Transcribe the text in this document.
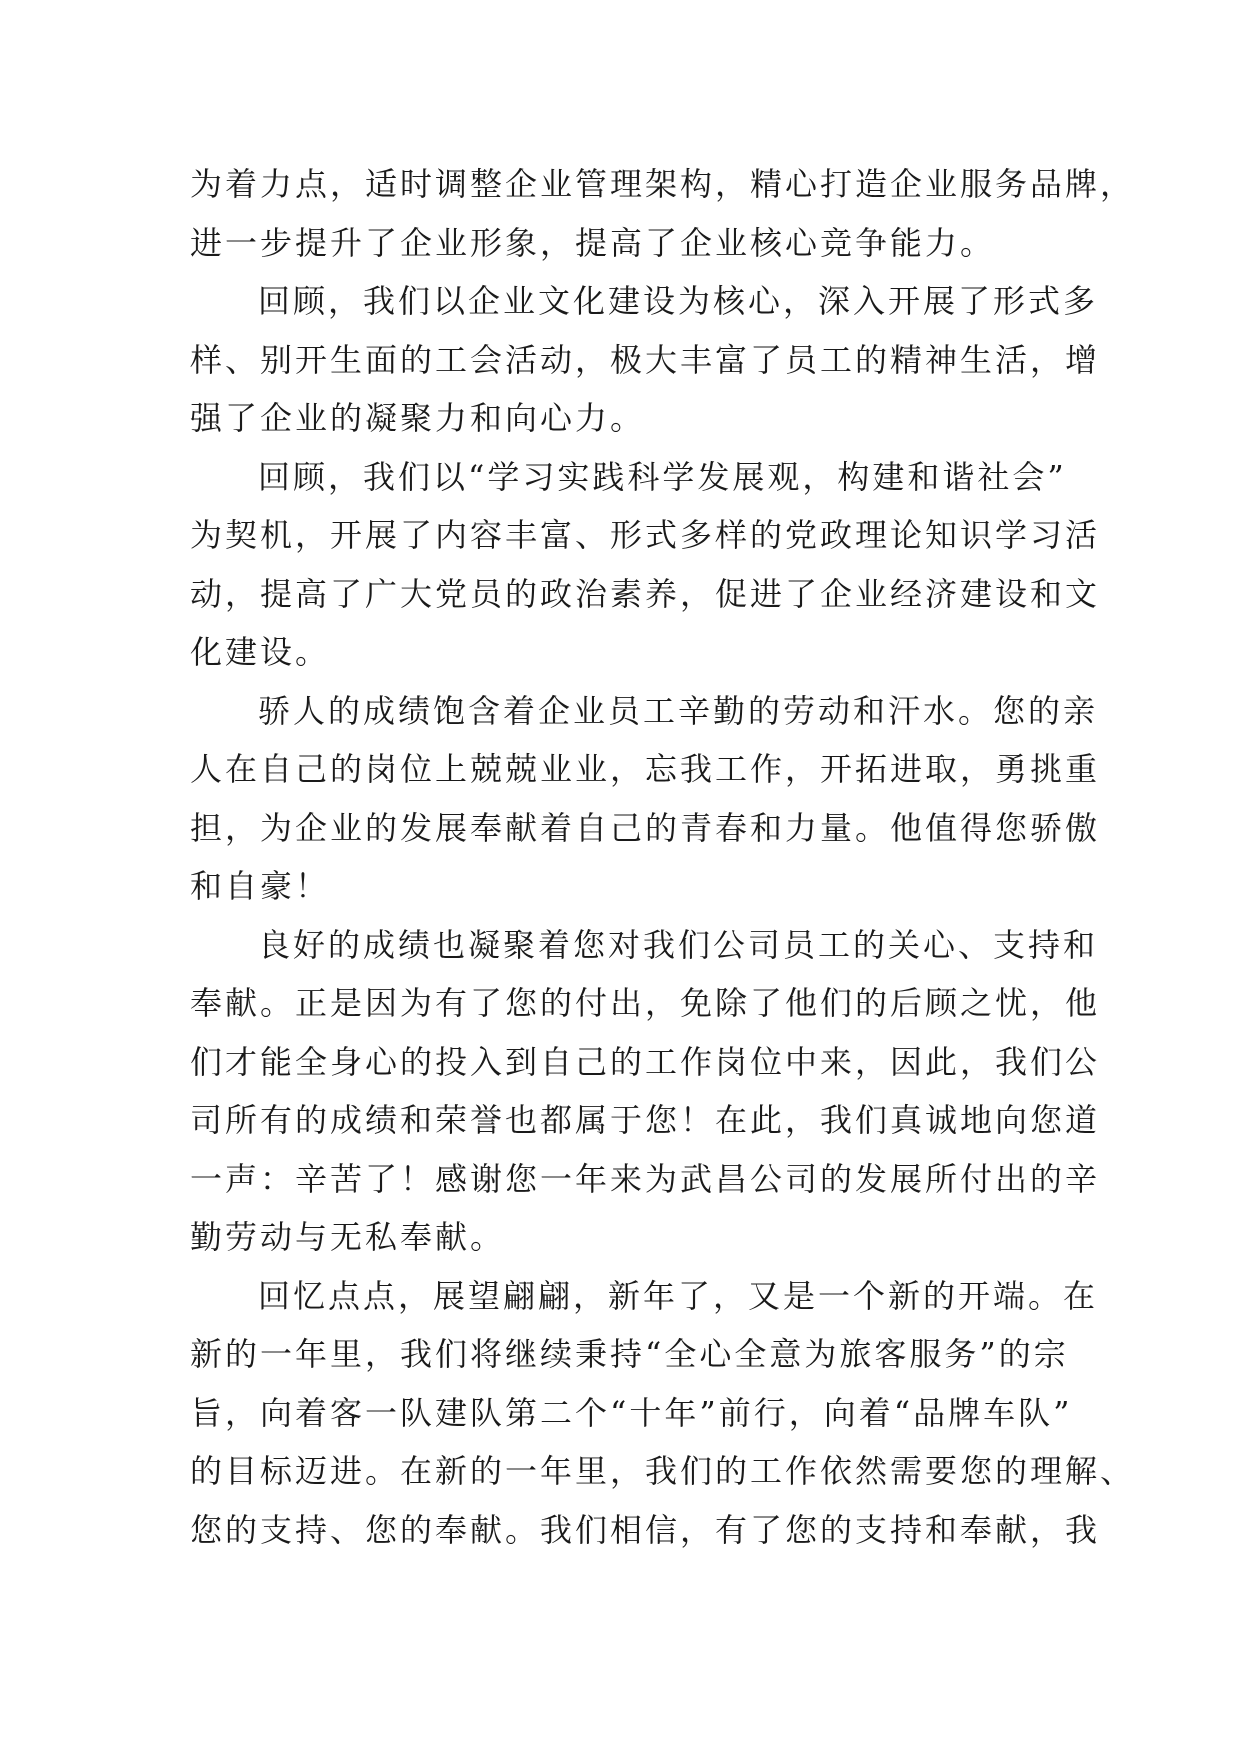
为着力点，适时调整企业管理架构，精心打造企业服务品牌，
进一步提升了企业形象，提高了企业核心竞争能力。
回顾，我们以企业文化建设为核心，深入开展了形式多
样、别开生面的工会活动，极大丰富了员工的精神生活，增
强了企业的凝聚力和向心力。
回顾，我们以“学习实践科学发展观，构建和谐社会”
为契机，开展了内容丰富、形式多样的党政理论知识学习活
动，提高了广大党员的政治素养，促进了企业经济建设和文
化建设。
骄人的成绩饱含着企业员工辛勤的劳动和汗水。您的亲
人在自己的岗位上兢兢业业，忘我工作，开拓进取，勇挑重
担，为企业的发展奉献着自己的青春和力量。他值得您骄傲
和自豪！
良好的成绩也凝聚着您对我们公司员工的关心、支持和
奉献。正是因为有了您的付出，免除了他们的后顾之忧，他
们才能全身心的投入到自己的工作岗位中来，因此，我们公
司所有的成绩和荣誉也都属于您！在此，我们真诚地向您道
一声：辛苦了！感谢您一年来为武昌公司的发展所付出的辛
勤劳动与无私奉献。
回忆点点，展望翩翩，新年了，又是一个新的开端。在
新的一年里，我们将继续秉持“全心全意为旅客服务”的宗
旨，向着客一队建队第二个“十年”前行，向着“品牌车队”
的目标迈进。在新的一年里，我们的工作依然需要您的理解、
您的支持、您的奉献。我们相信，有了您的支持和奉献，我
